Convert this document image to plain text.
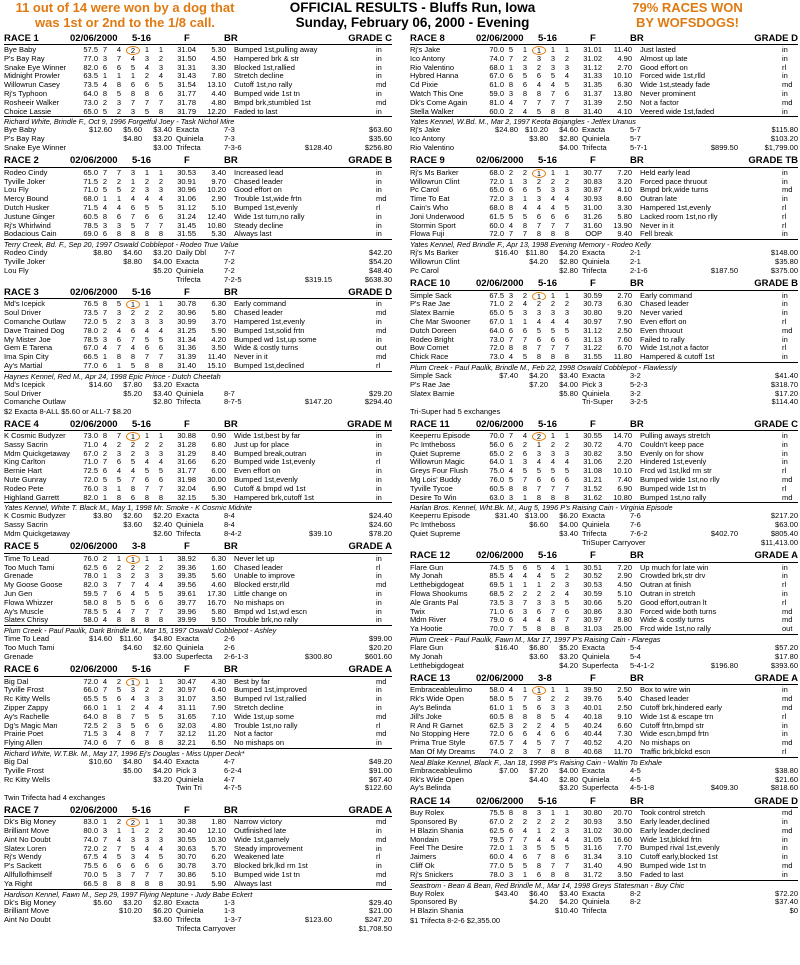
11 out of 14 were won by a dog that
was 1st or 2nd to the 1/8 call.
OFFICIAL RESULTS - Bluffs Run, Iowa
Sunday, February 06, 2000 - Evening
79% RACES WON
BY WOFSDOGS!
RACE 1	02/06/2000	5-16	F	BR	GRADE C
Bye Baby	57.5 7	4	2	1	1	31.04	5.30 Bumped 1st,pulling away	in
P's Bay Ray	77.0 3	7	4	3	2	31.50	4.50 Hampered brk & str	in
Snake Eye Winner	82.0 6	6	5	4	3	31.31	3.30 Blocked 1st,rallied	in
Midnight Prowler	63.5 1	1	1	2	4	31.43	7.80 Stretch decline	in
Willowrun Casey	73.5 4	8	6	6	5	31.54	13.10 Cutoff 1st,no rally	md
Rj's Typhoon	64.0 8	5	8	8	6	31.77	4.40 Bumped wide 1st tn	in
Rosheeir Walker	73.0 2	3	7	7	7	31.78	4.80 Bmpd brk,stumbled 1st	md
Choice Lassie	65.0 5	2	3	5	8	31.79	12.20 Faded to last	in
Richard White, Brindle F., Oct 9, 1996 Forgetful Joey - Task Nichol Mire
Bye Baby	$12.60	$5.60	$3.40 Exacta	7-3	$63.60
P's Bay Ray	$4.80	$3.20 Quiniela	7-3	$35.60
Snake Eye Winner	$3.00 Trifecta	7-3-6	$128.40	$256.80
RACE 2	02/06/2000	5-16	F	BR	GRADE B
Rodeo Cindy	65.0 7	7	3	1	1	30.53	3.40 Increased lead	in
Tyville Joker	71.5 2	2	1	2	2	30.91	9.70 Chased leader	in
Lou Fly	71.0 5	5	2	3	3	30.96	10.20 Good effort on	in
Mercy Bound	68.0 1	1	4	4	4	31.06	2.90 Trouble 1st,wide frtn	md
Dutch Husker	71.5 4	4	6	5	5	31.12	5.10 Bumped 1st,evenly	rl
Justune Ginger	60.5 8	6	7	6	6	31.24	12.40 Wide 1st turn,no rally	in
Rj's Whirlwind	78.5 3	3	5	7	7	31.45	10.80 Steady decline	in
Bodacious Cain	69.0 6	8	8	8	8	31.55	5.30 Always last	in
Terry Creek, Bd. F., Sep 20, 1997 Oswald Cobblepot - Rodeo True Value
Rodeo Cindy	$8.80	$4.60	$3.20 Daily Dbl	7-7	$42.20
Tyville Joker	$8.80	$4.00 Exacta	7-2	$54.20
Lou Fly	$5.20 Quiniela	7-2	$48.40
Trifecta	7-2-5	$319.15	$638.30
RACE 3	02/06/2000	5-16	F	BR	GRADE D
Md's Icepick	76.5 8	5	1	1	1	30.78	6.30 Early command	in
Soul Driver	73.5 7	3	2	2	2	30.96	5.80 Chased leader	md
Comanche Outlaw	72.0 5	2	3	3	3	30.99	3.70 Hampered 1st,evenly	in
Dave Trained Dog	78.0 2	4	6	4	4	31.25	5.90 Bumped 1st,solid frtn	md
My Mister Joe	78.5 3	6	7	5	5	31.34	4.20 Bumped wd 1st,up some	in
Gem E Tarena	67.0 4	7	4	6	6	31.36	3.50 Wide & costly turns	out
Ima Spin City	66.5 1	8	8	7	7	31.39	11.40 Never in it	md
Ay's Martial	77.0 6	1	5	8	8	31.40	15.10 Bumped 1st,declined	rl
Haynes Kennel, Red M., Apr 24, 1998 Epic Prince - Dutch Cheetah
Md's Icepick	$14.60	$7.80	$3.20 Exacta
Soul Driver	$5.20	$3.40 Quiniela	8-7	$29.20
Comanche Outlaw	$2.80 Trifecta	8-7-5	$147.20	$294.40
$2 Exacta 8-ALL $5.60 or ALL-7 $8.20
RACE 4	02/06/2000	5-16	F	BR	GRADE M
K Cosmic Budyzer	73.0 8	7	1	1	1	30.88	0.90 Wide 1st,best by far	in
Sassy Sacrin	71.0 4	2	2	2	2	31.28	6.80 Just up for place	in
Mdm Quickgetaway	67.0 2	3	2	3	3	31.29	8.40 Bumped break,outran	in
King Carlton	71.0 7	6	5	4	4	31.66	6.20 Bumped wide 1st,evenly	rl
Bernie Hart	72.5 6	4	4	5	5	31.77	6.00 Even effort on	in
Nute Gunray	72.0 5	5	7	6	6	31.98	30.00 Bumped 1st,evenly	in
Rodeo Pete	76.0 3	1	8	7	7	32.04	6.90 Cutoff & bmpd wd 1st	in
Highland Garrett	82.0 1	8	6	8	8	32.15	5.30 Hampered brk,cutoff 1st	in
Yates Kennel, White T. Black M., May 1, 1998 Mr. Smoke - K Cosmic Midnite
K Cosmic Budyzer	$3.80	$2.60	$2.20 Exacta	8-4	$24.40
Sassy Sacrin	$3.60	$2.40 Quiniela	8-4	$24.60
Mdm Quickgetaway	$2.60 Trifecta	8-4-2	$39.10	$78.20
RACE 5	02/06/2000	3-8	F	BR	GRADE A
Time To Lead	76.0 2	1	1	1	1	38.92	6.30 Never let up	in
Too Much Tami	62.5 6	2	2	2	2	39.36	1.60 Chased leader	rl
Grenade	78.0 1	3	2	3	3	39.35	5.60 Unable to improve	in
My Goose Goose	82.0 3	7	7	4	4	39.56	4.60 Blocked erstr,rlld	md
Jun Gen	59.5 7	6	4	5	5	39.61	17.30 Little change on	in
Flowa Whizzer	58.0 8	5	5	6	6	39.77	16.70 No mishaps on	in
Ay's Muscle	78.5 5	4	7	7	7	39.96	5.80 Bmpd wd 1st,wd escn	in
Slatex Chrisy	58.0 4	8	8	8	8	39.99	9.50 Trouble brk,no rally	in
Plum Creek - Paul Paulik, Dark Brindle M., Mar 15, 1997 Oswald Cobblepot - Ashley
Time To Lead	$14.60	$11.60	$4.80 Exacta	2-6	$99.00
Too Much Tami	$4.60	$2.60 Quiniela	2-6	$20.20
Grenade	$3.00 Superfecta	2-6-1-3	$300.80	$601.60
RACE 6	02/06/2000	5-16	F	BR	GRADE A
Big Dal	72.0 4	2	1	1	1	30.47	4.30 Best by far	md
Tyville Frost	66.0 7	5	3	2	2	30.97	6.40 Bumped 1st,improved	in
Rc Kitty Wells	65.5 5	6	4	3	3	31.07	3.50 Bumped rvl 1st,rallied	in
Zipper Zappy	66.0 1	1	2	4	4	31.11	7.90 Stretch decline	in
Ay's Rachelle	64.0 8	8	7	5	5	31.65	7.10 Wide 1st,up some	md
Dg's Magic Man	72.5 2	3	5	6	6	32.03	4.80 Trouble 1st,no rally	rl
Prairie Poet	71.5 3	4	8	7	7	32.12	11.20 Not a factor	md
Flying Allen	74.0 6	7	6	8	8	32.21	6.50 No mishaps on	in
Richard White, W.T.Bk. M., May 17, 1996 Ej's Douglas - Miss Upper Deck*
Big Dal	$10.60	$4.80	$4.40 Exacta	4-7	$49.20
Tyville Frost	$5.00	$4.20 Pick 3	6-2-4	$91.00
Rc Kitty Wells	$3.20 Quiniela	4-7	$67.40
Twin Tri	4-7-5	$122.60
Twin Trifecta had 4 exchanges
RACE 7	02/06/2000	5-16	F	BR	GRADE A
Dk's Big Money	83.0 1	2	2	1	1	30.38	1.80 Narrow victory	md
Brilliant Move	80.0 3	1	1	2	2	30.40	12.10 Outfinished late	in
Aint No Doubt	74.0 7	4	3	3	3	30.55	10.30 Wide 1st,gamely	md
Slatex Loren	72.0 2	7	5	4	4	30.63	5.70 Steady improvement	in
Rj's Wendy	67.5 4	5	3	4	5	30.70	6.20 Weakened late	rl
P's Sackett	75.5 6	6	6	6	6	30.78	3.70 Blocked brk,lkd rm 1st	in
Allfullofhimself	70.0 5	3	7	7	7	30.86	5.10 Bumped wide 1st tn	md
Ya Right	66.5 8	8	8	8	8	30.91	5.90 Always last	md
Hardison Kennel, Fawn M., Sep 29, 1997 Flying Neptune - Judy Babe Eckert
Dk's Big Money	$5.60	$3.20	$2.80 Exacta	1-3	$29.40
Brilliant Move	$10.20	$6.20 Quiniela	1-3	$21.00
Aint No Doubt	$3.60 Trifecta	1-3-7	$123.60	$247.20
Trifecta Carryover	$1,708.50
RACE 8	02/06/2000	5-16	F	BR	GRADE D
Rj's Jake	70.0 5	1	1	1	1	31.01	11.40 Just lasted	in
Ico Antony	74.0 7	2	3	3	2	31.02	4.90 Almost up late	in
Rio Valentino	68.0 1	3	2	3	3	31.12	2.70 Good effort on	rl
Hybred Hanna	67.0 6	5	6	5	4	31.33	10.10 Forced wide 1st,rlld	in
Cd Pixie	61.0 8	6	4	4	5	31.35	6.30 Wide 1st,steady fade	md
Watch This One	59.0 3	8	8	7	6	31.37	13.80 Never prominent	in
Dk's Come Again	81.0 4	7	7	7	7	31.39	2.50 Not a factor	md
Stella Walker	60.0 2	4	5	8	8	31.40	4.10 Veered wide 1st,faded	in
Yates Kennel, W.Bd. M., Mar 2, 1997 Keota Bojangles - Jetlex Uranus
Rj's Jake	$24.80 $10.20	$4.60 Exacta	5-7	$115.80
Ico Antony	$3.80	$2.80 Quiniela	5-7	$103.20
Rio Valentino	$4.00 Trifecta	5-7-1	$899.50	$1,799.00
RACE 9	02/06/2000	5-16	F	BR	GRADE TB
Rj's Ms Barker	68.0 2	2	1	1	1	30.77	7.20 Held early lead	in
Willowrun Clint	72.0 1	3	2	2	2	30.83	3.20 Forced pace thruout	in
Pc Carol	65.0 6	6	5	3	3	30.87	4.10 Bmpd brk,wide turns	md
Time To Eat	72.0 3	1	3	4	4	30.93	8.60 Outran late	in
Cain's Who	68.0 8	4	4	4	5	31.00	3.30 Hampered 1st,evenly	rl
Joni Underwood	61.5 5	5	6	6	6	31.26	5.80 Lacked room 1st,no rlly	rl
Stormin Sport	60.0 4	8	7	7	7	31.60	13.90 Never in it	rl
Flowa Fuji	72.0 7	7	8	8	8	OOP	9.40 Fell break	in
Yates Kennel, Red Brindle F., Apr 13, 1998 Evening Memory - Rodeo Kelly
Rj's Ms Barker	$16.40	$11.80	$4.20 Exacta	2-1	$148.00
Willowrun Clint	$4.20	$2.80 Quiniela	2-1	$35.80
Pc Carol	$2.80 Trifecta	2-1-6	$187.50	$375.00
RACE 10	02/06/2000	5-16	F	BR	GRADE B
Simple Sack	67.5 3	2	1	1	1	30.59	2.70 Early command	in
P's Rae Jae	71.0 2	4	2	2	2	30.73	6.30 Chased leader	in
Slatex Barnie	65.0 5	3	3	3	3	30.80	9.20 Never varied	in
Che Mar Swooner	67.0 1	1	4	4	4	30.97	7.90 Even effort on	rl
Dutch Doreen	64.0 6	6	5	5	5	31.12	2.50 Even thruout	md
Rodeo Bright	73.0 7	7	6	6	6	31.13	7.60 Failed to rally	in
Bow Comet	72.0 8	8	7	7	7	31.22	6.70 Wide 1st,not a factor	rl
Chick Race	73.0 4	5	8	8	8	31.55	11.80 Hampered & cutoff 1st	in
Plum Creek - Paul Paulik, Brindle M., Feb 22, 1998 Oswald Cobblepot - Flawlessly
Simple Sack	$7.40	$4.20	$3.40 Exacta	3-2	$41.40
P's Rae Jae	$7.20	$4.00 Pick 3	5-2-3	$318.70
Slatex Barnie	$5.80 Quiniela	3-2	$17.20
Tri-Super	3-2-5	$114.40
Tri-Super had 5 exchanges
RACE 11	02/06/2000	5-16	F	BR	GRADE C
Keeperru Episode	70.0 7	4	2	1	1	30.55	14.70 Pulling aways stretch	in
Pc Imtheboss	56.0 6	2	1	2	2	30.72	4.70 Couldn't keep pace	in
Quiet Supreme	65.0 2	6	3	3	3	30.82	3.50 Evenly on for show	in
Willowrun Magic	64.0 1	3	4	4	4	31.06	2.20 Hindered 1st,evenly	in
Greys Four Flush	75.0 4	5	5	5	5	31.08	10.10 Frcd wd 1st,lkd rm str	rl
Mg Lois' Buddy	76.0 5	7	6	6	6	31.21	7.40 Bumped wide 1st,no rlly	md
Tyville Tycoe	60.5 8	8	7	7	7	31.52	6.90 Bumped wide 1st tn	rl
Desire To Win	63.0 3	1	8	8	8	31.62	10.80 Bumped 1st,no rally	md
Harlan Bros. Kennel, Wht.Bk. M., Aug 5, 1996 P's Raising Cain - Virginia Episode
Keeperru Episode	$31.40 $13.00	$6.20 Exacta	7-6	$217.20
Pc Imtheboss	$6.60	$4.00 Quiniela	7-6	$63.00
Quiet Supreme	$3.40 Trifecta	7-6-2	$402.70	$805.40
TriSuper Carryover	$11,413.00
RACE 12	02/06/2000	5-16	F	BR	GRADE A
Flare Gun	74.5 5	6	5	4	1	30.51	7.20 Up much for late win	in
My Jonah	85.5 4	4	4	5	2	30.52	2.90 Crowded brk,str drv	in
Letthebigdogeat	69.5 1	1	1	2	3	30.53	4.50 Outran at finish	rl
Flowa Shookums	68.5 2	2	2	2	4	30.59	5.10 Outran in stretch	in
Ale Grants Pal	73.5 3	7	3	3	5	30.66	5.20 Good effort,outran lt	rl
Twix	71.0 6	3	6	7	6	30.86	3.30 Forced wide both turns	md
Mdm River	79.0 6	4	4	8	7	30.97	8.80 Wide & costly turns	md
Ya Hootie	70.0 7	5	8	8	8	31.03	25.00 Frcd wide 1st,no rally	out
Plum Creek - Paul Paulik, Fawn M., Mar 17, 1997 P's Raising Cain - Flaregas
Flare Gun	$16.40	$6.80	$5.20 Exacta	5-4	$57.20
My Jonah	$3.60	$3.20 Quiniela	5-4	$17.80
Letthebigdogeat	$4.20 Superfecta	5-4-1-2	$196.80	$393.60
RACE 13	02/06/2000	3-8	F	BR	GRADE A
Embraceableulimo	58.0 4	1	1	1	1	39.50	2.50 Box to wire win	in
Rk's Wide Open	58.0 5	7	3	2	2	39.76	5.40 Chased leader	md
Ay's Belinda	61.0 1	5	6	3	3	40.01	2.50 Cutoff brk,hindered early	md
Jill's Joke	60.5 8	8	8	5	4	40.18	9.10 Wide 1st & escape trn	rl
R And R Garnet	62.5 3	2	2	4	5	40.24	6.60 Cutoff frtn,bmpd str	in
No Stopping Here	72.0 6	6	4	6	6	40.44	7.30 Wide escn,bmpd frtn	in
Prima True Style	67.5 7	4	5	7	7	40.52	4.20 No mishaps on	md
Man Of My Dreams	74.0 2	3	7	8	8	40.68	11.70 Traffic brk,blckd escn	rl
Neal Blake Kennel, Black F., Jan 18, 1998 P's Raising Cain - Waltin To Exhale
Embraceableulimo	$7.00	$7.20	$4.00 Exacta	4-5	$38.80
Rk's Wide Open	$4.40	$2.80 Quiniela	4-5	$21.60
Ay's Belinda	$3.20 Superfecta	4-5-1-8	$409.30	$818.60
RACE 14	02/06/2000	5-16	F	BR	GRADE D
Buy Rolex	75.5 8	8	3	1	1	30.80	20.70 Took control stretch	md
Sponsored By	67.0 2	2	2	2	2	30.93	3.50 Early leader,declined	in
H Blazin Shania	62.5 6	4	1	2	3	31.02	30.00 Early leader,declined	md
Mondain	79.5 7	7	4	4	4	31.05	16.60 Wide 1st,blckd frtn	in
Feel The Desire	72.0 1	3	5	5	5	31.16	7.70 Bumped rival 1st,evenly	in
Jaimers	60.0 4	6	7	8	6	31.34	3.10 Cutoff early,blocked 1st	in
Cliff Ok	77.0 5	5	8	7	7	31.40	4.90 Bumped wide 1st tn	md
Rj's Snickers	78.0 3	1	6	8	8	31.72	3.50 Faded to last	in
Seastrom - Bean & Bean, Red Brindle M., Mar 14, 1998 Greys Statesman - Buy Chic
Buy Rolex	$43.40	$6.40	$3.40 Exacta	8-2	$72.20
Sponsored By	$4.20	$4.20 Quiniela	8-2	$37.40
H Blazin Shania	$10.40 Trifecta	$0
$1 Trifecta 8-2-6 $2,355.00
